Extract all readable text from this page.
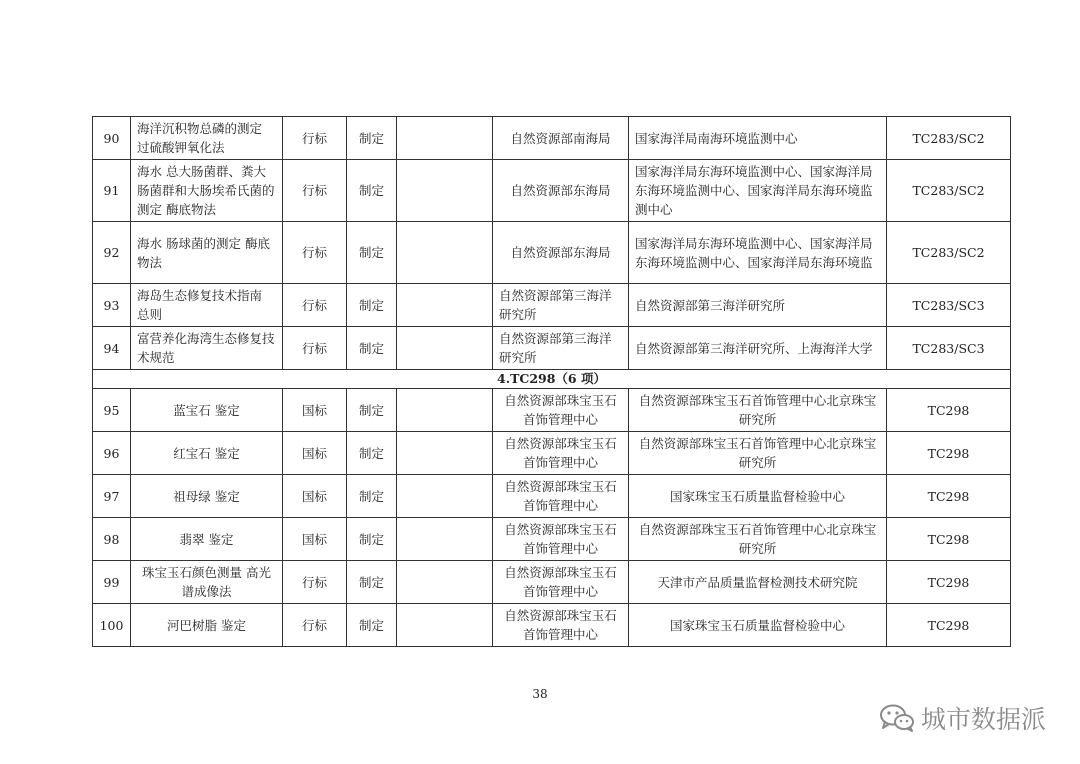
90	海洋沉积物总磷的测定 过硫酸钾氧化法	行标	制定		自然资源部南海局	国家海洋局南海环境监测中心	TC283/SC2
91	海水 总大肠菌群、粪大肠菌群和大肠埃希氏菌的测定 酶底物法	行标	制定		自然资源部东海局	国家海洋局东海环境监测中心、国家海洋局东海环境监测中心、国家海洋局东海环境监测中心	TC283/SC2
92	海水 肠球菌的测定 酶底物法	行标	制定		自然资源部东海局	国家海洋局东海环境监测中心、国家海洋局东海环境监测中心、国家海洋局东海环境监	TC283/SC2
93	海岛生态修复技术指南 总则	行标	制定		自然资源部第三海洋研究所	自然资源部第三海洋研究所	TC283/SC3
94	富营养化海湾生态修复技术规范	行标	制定		自然资源部第三海洋研究所	自然资源部第三海洋研究所、上海海洋大学	TC283/SC3
4.TC298（6 项）							
95	蓝宝石 鉴定	国标	制定		自然资源部珠宝玉石首饰管理中心	自然资源部珠宝玉石首饰管理中心北京珠宝研究所	TC298
96	红宝石 鉴定	国标	制定		自然资源部珠宝玉石首饰管理中心	自然资源部珠宝玉石首饰管理中心北京珠宝研究所	TC298
97	祖母绿 鉴定	国标	制定		自然资源部珠宝玉石首饰管理中心	国家珠宝玉石质量监督检验中心	TC298
98	翡翠 鉴定	国标	制定		自然资源部珠宝玉石首饰管理中心	自然资源部珠宝玉石首饰管理中心北京珠宝研究所	TC298
99	珠宝玉石颜色测量 高光谱成像法	行标	制定		自然资源部珠宝玉石首饰管理中心	天津市产品质量监督检测技术研究院	TC298
100	河巴树脂 鉴定	行标	制定		自然资源部珠宝玉石首饰管理中心	国家珠宝玉石质量监督检验中心	TC298
38
城市数据派
